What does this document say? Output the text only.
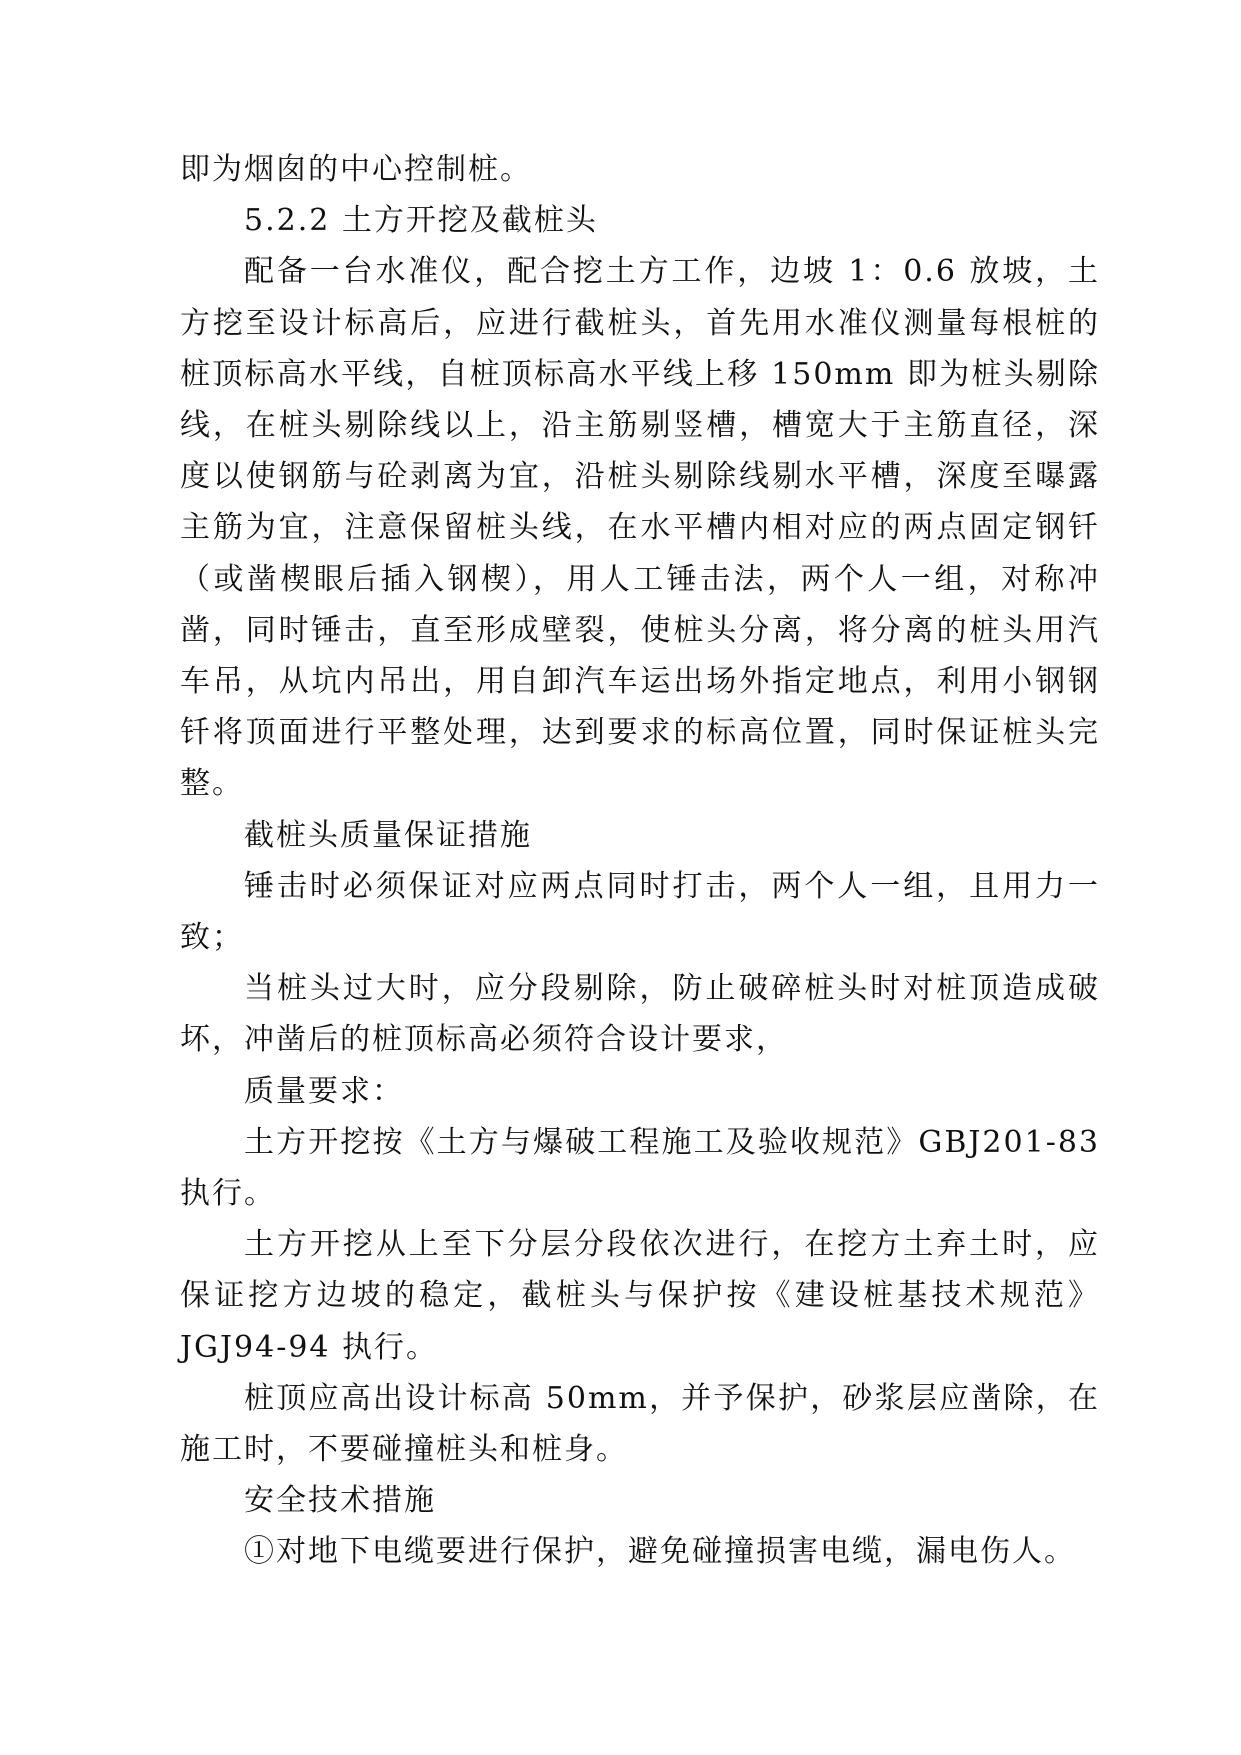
即为烟囱的中心控制桩。

5.2.2 土方开挖及截桩头

配备一台水准仪，配合挖土方工作，边坡 1：0.6 放坡，土方挖至设计标高后，应进行截桩头，首先用水准仪测量每根桩的桩顶标高水平线，自桩顶标高水平线上移 150mm 即为桩头剔除线，在桩头剔除线以上，沿主筋剔竖槽，槽宽大于主筋直径，深度以使钢筋与砼剥离为宜，沿桩头剔除线剔水平槽，深度至曝露主筋为宜，注意保留桩头线，在水平槽内相对应的两点固定钢钎（或凿楔眼后插入钢楔），用人工锤击法，两个人一组，对称冲凿，同时锤击，直至形成壁裂，使桩头分离，将分离的桩头用汽车吊，从坑内吊出，用自卸汽车运出场外指定地点，利用小钢钢钎将顶面进行平整处理，达到要求的标高位置，同时保证桩头完整。

截桩头质量保证措施

锤击时必须保证对应两点同时打击，两个人一组，且用力一致；

当桩头过大时，应分段剔除，防止破碎桩头时对桩顶造成破坏，冲凿后的桩顶标高必须符合设计要求，

质量要求：

土方开挖按《土方与爆破工程施工及验收规范》GBJ201-83执行。

土方开挖从上至下分层分段依次进行，在挖方土弃土时，应保证挖方边坡的稳定，截桩头与保护按《建设桩基技术规范》JGJ94-94 执行。

桩顶应高出设计标高 50mm，并予保护，砂浆层应凿除，在施工时，不要碰撞桩头和桩身。

安全技术措施

①对地下电缆要进行保护，避免碰撞损害电缆，漏电伤人。
